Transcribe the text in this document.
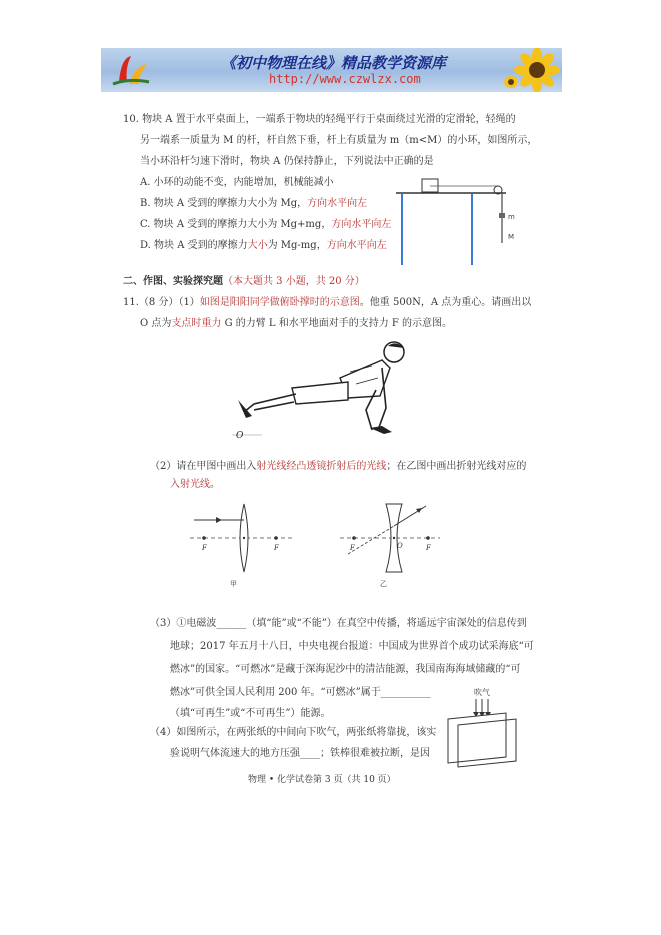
《初中物理在线》精品教学资源库
http://www.czwlzx.com
10. 物块 A 置于水平桌面上，一端系于物块的轻绳平行于桌面绕过光滑的定滑轮，轻绳的
另一端系一质量为 M 的杆，杆自然下垂，杆上有质量为 m（m<M）的小环，如图所示，
当小环沿杆匀速下滑时，物块 A 仍保持静止，下列说法中正确的是
A. 小环的动能不变，内能增加，机械能减小
B. 物块 A 受到的摩擦力大小为 Mg，方向水平向左
C. 物块 A 受到的摩擦力大小为 Mg+mg，方向水平向左
D. 物块 A 受到的摩擦力大小为 Mg-mg，方向水平向左
m
M
二、作图、实验探究题（本大题共 3 小题，共 20 分）
11.（8 分）（1）如图是阳阳同学做俯卧撑时的示意图。他重 500N，A 点为重心。请画出以
O 点为支点时重力 G 的力臂 L 和水平地面对手的支持力 F 的示意图。
O
（2）请在甲图中画出入射光线经凸透镜折射后的光线；在乙图中画出折射光线对应的
入射光线。
F	F
甲
F	O	F
乙
（3）①电磁波______（填“能”或“不能”）在真空中传播，将遥远宇宙深处的信息传到
地球；2017 年五月十八日，中央电视台报道：中国成为世界首个成功试采海底“可
燃冰”的国家。“可燃冰”是藏于深海泥沙中的清洁能源，我国南海海域储藏的“可
燃冰”可供全国人民利用 200 年。“可燃冰”属于__________
（填“可再生”或“不可再生”）能源。
（4）如图所示，在两张纸的中间向下吹气，两张纸将靠拢，该实
验说明气体流速大的地方压强____；铁棒很难被拉断，是因
吹气
物理 • 化学试卷第 3 页（共 10 页）
